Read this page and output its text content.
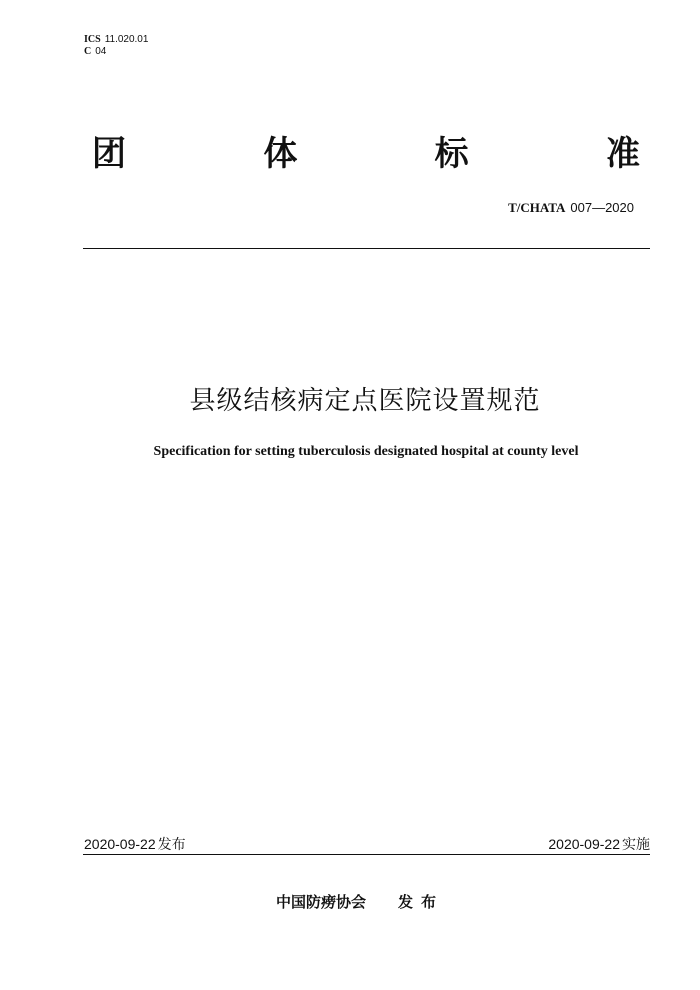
ICS 11.020.01
C 04
团	体	标	准
T/CHATA 007—2020
县级结核病定点医院设置规范
Specification for setting tuberculosis designated hospital at county level
2020-09-22 发布	2020-09-22 实施
中国防痨协会 发布
